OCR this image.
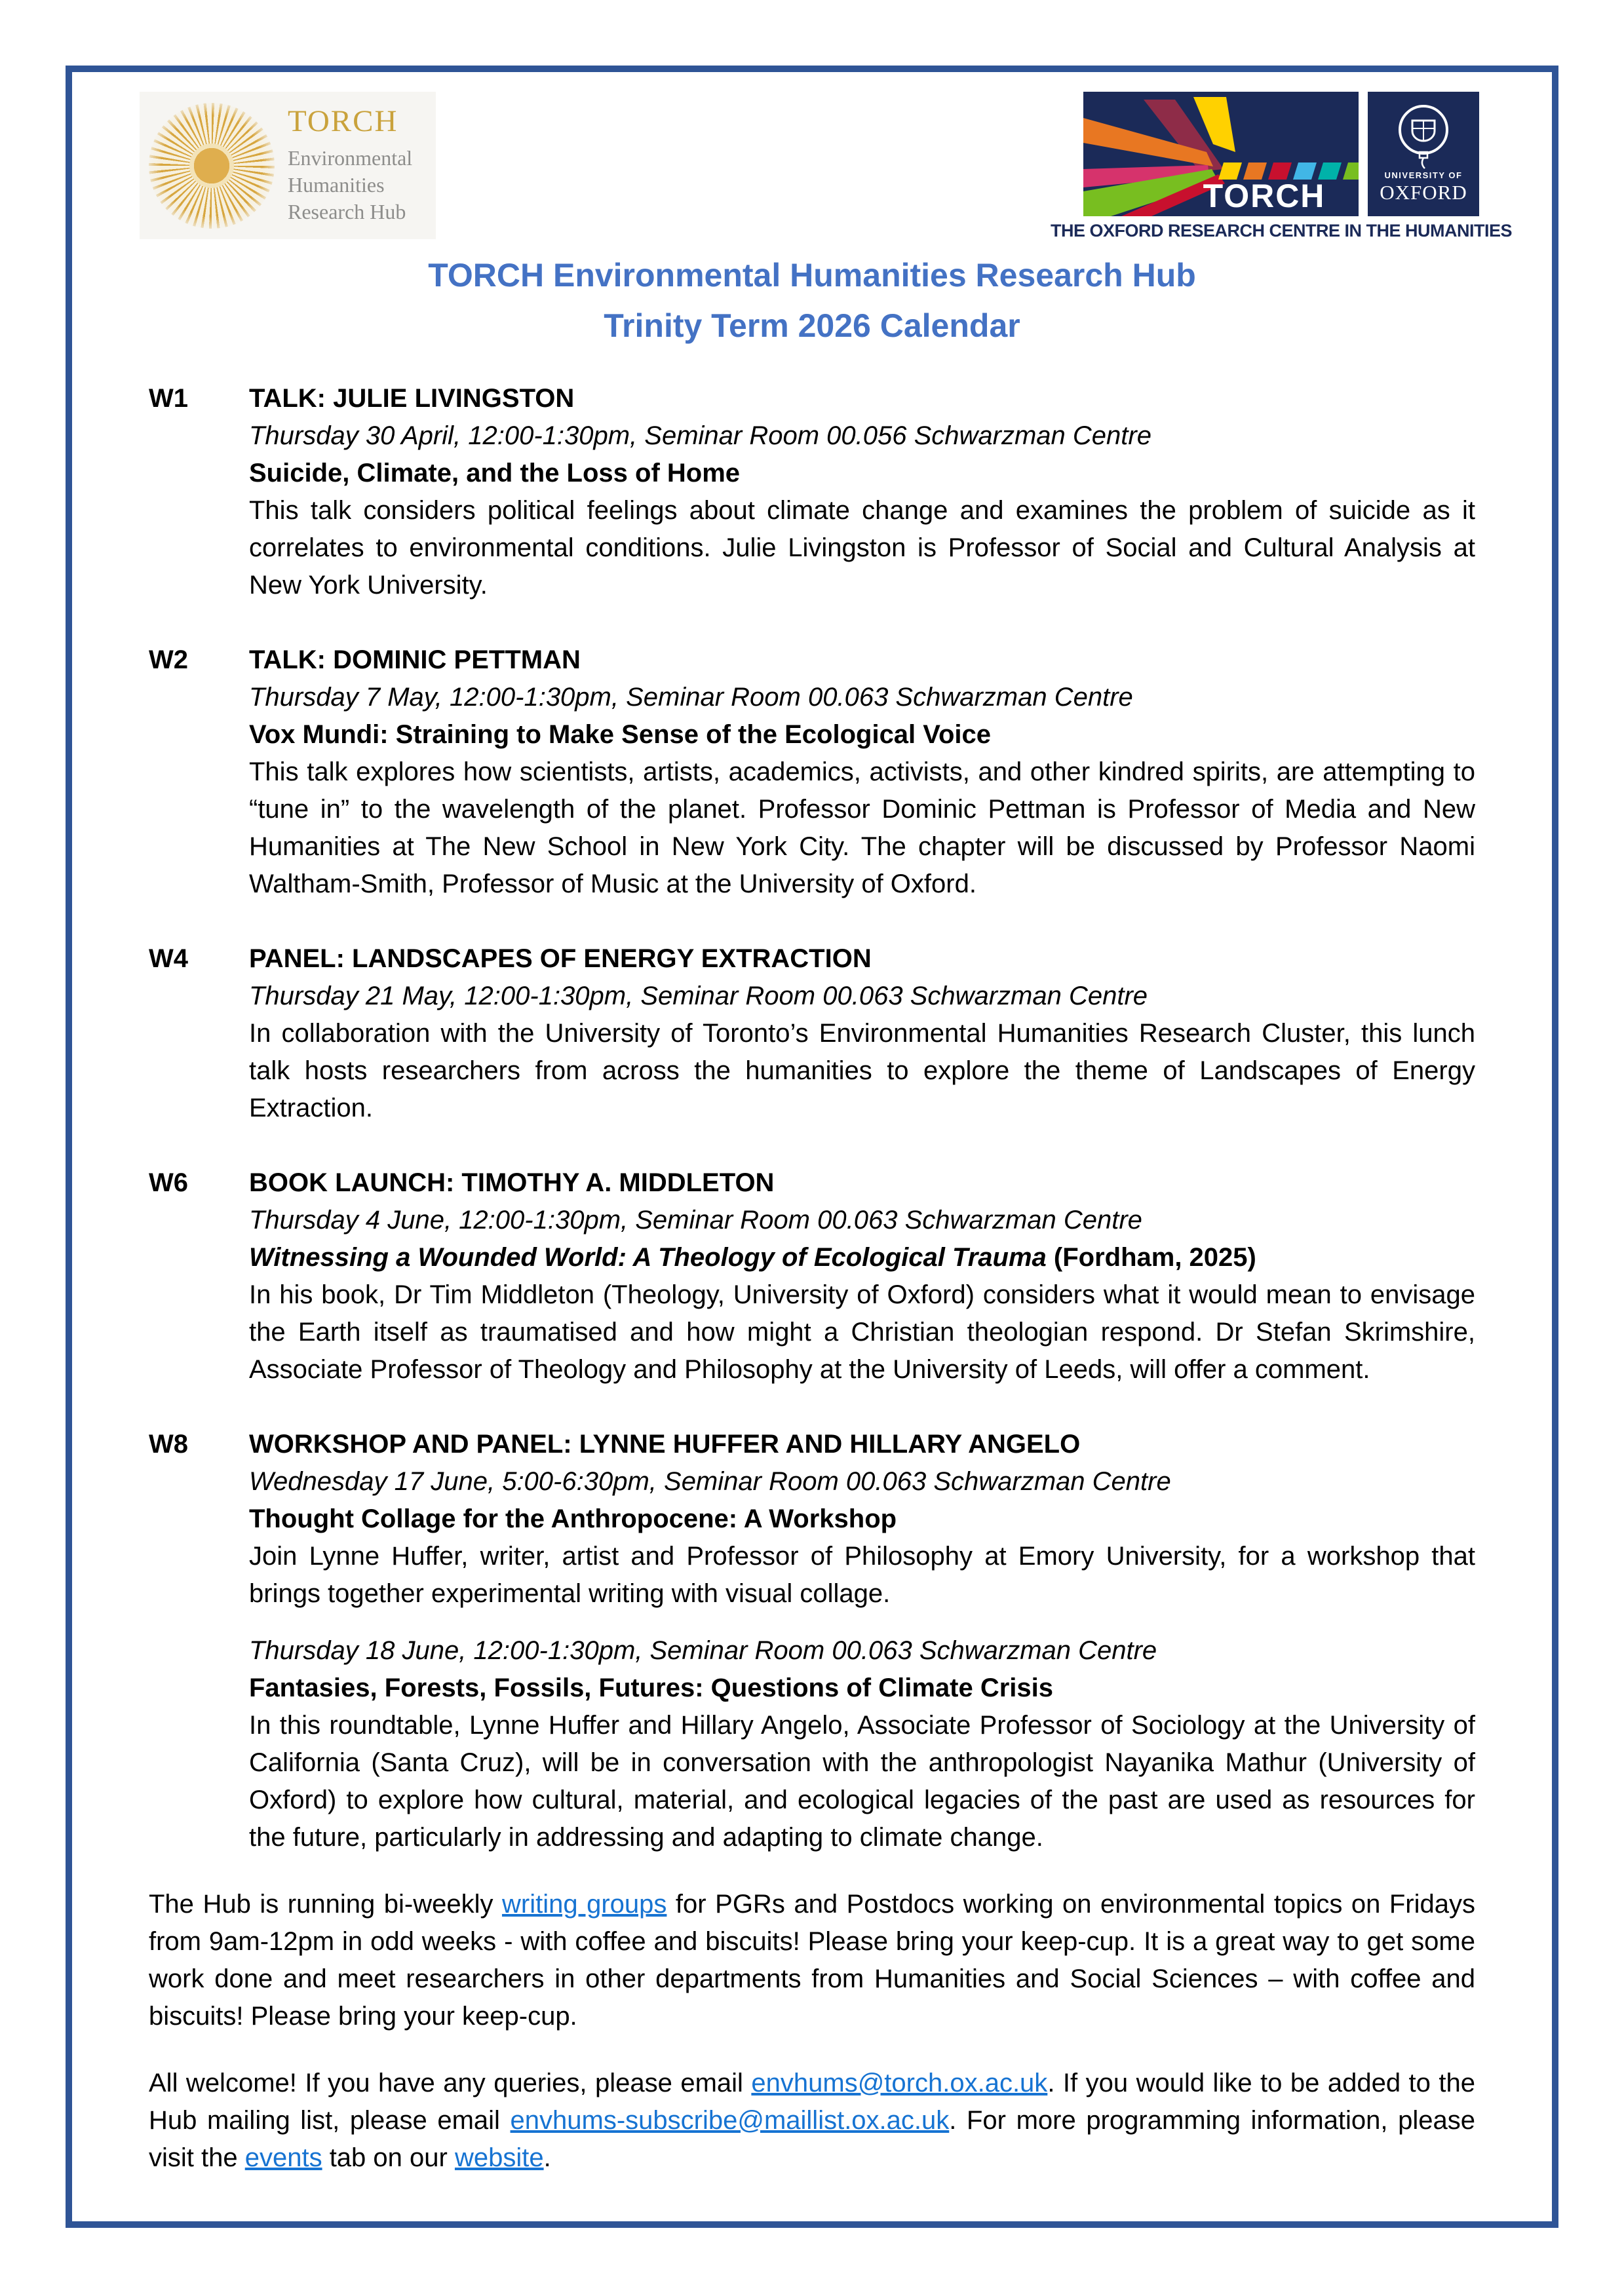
TORCH
Environmental
Humanities
Research Hub	TORCH
UNIVERSITY OF
OXFORD
THE OXFORD RESEARCH CENTRE IN THE HUMANITIES
TORCH Environmental Humanities Research Hub
Trinity Term 2026 Calendar
W1	TALK: JULIE LIVINGSTON
Thursday 30 April, 12:00-1:30pm, Seminar Room 00.056 Schwarzman Centre
Suicide, Climate, and the Loss of Home
This talk considers political feelings about climate change and examines the problem of suicide as it correlates to environmental conditions. Julie Livingston is Professor of Social and Cultural Analysis at New York University.
W2	TALK: DOMINIC PETTMAN
Thursday 7 May, 12:00-1:30pm, Seminar Room 00.063 Schwarzman Centre
Vox Mundi: Straining to Make Sense of the Ecological Voice
This talk explores how scientists, artists, academics, activists, and other kindred spirits, are attempting to “tune in” to the wavelength of the planet. Professor Dominic Pettman is Professor of Media and New Humanities at The New School in New York City. The chapter will be discussed by Professor Naomi Waltham-Smith, Professor of Music at the University of Oxford.
W4	PANEL: LANDSCAPES OF ENERGY EXTRACTION
Thursday 21 May, 12:00-1:30pm, Seminar Room 00.063 Schwarzman Centre
In collaboration with the University of Toronto’s Environmental Humanities Research Cluster, this lunch talk hosts researchers from across the humanities to explore the theme of Landscapes of Energy Extraction.
W6	BOOK LAUNCH: TIMOTHY A. MIDDLETON
Thursday 4 June, 12:00-1:30pm, Seminar Room 00.063 Schwarzman Centre
Witnessing a Wounded World: A Theology of Ecological Trauma (Fordham, 2025)
In his book, Dr Tim Middleton (Theology, University of Oxford) considers what it would mean to envisage the Earth itself as traumatised and how might a Christian theologian respond. Dr Stefan Skrimshire, Associate Professor of Theology and Philosophy at the University of Leeds, will offer a comment.
W8	WORKSHOP AND PANEL: LYNNE HUFFER AND HILLARY ANGELO
Wednesday 17 June, 5:00-6:30pm, Seminar Room 00.063 Schwarzman Centre
Thought Collage for the Anthropocene: A Workshop
Join Lynne Huffer, writer, artist and Professor of Philosophy at Emory University, for a workshop that brings together experimental writing with visual collage.
Thursday 18 June, 12:00-1:30pm, Seminar Room 00.063 Schwarzman Centre
Fantasies, Forests, Fossils, Futures: Questions of Climate Crisis
In this roundtable, Lynne Huffer and Hillary Angelo, Associate Professor of Sociology at the University of California (Santa Cruz), will be in conversation with the anthropologist Nayanika Mathur (University of Oxford) to explore how cultural, material, and ecological legacies of the past are used as resources for the future, particularly in addressing and adapting to climate change.
The Hub is running bi-weekly writing groups for PGRs and Postdocs working on environmental topics on Fridays from 9am-12pm in odd weeks - with coffee and biscuits! Please bring your keep-cup. It is a great way to get some work done and meet researchers in other departments from Humanities and Social Sciences – with coffee and biscuits! Please bring your keep-cup.
All welcome! If you have any queries, please email envhums@torch.ox.ac.uk. If you would like to be added to the Hub mailing list, please email envhums-subscribe@maillist.ox.ac.uk. For more programming information, please visit the events tab on our website.
